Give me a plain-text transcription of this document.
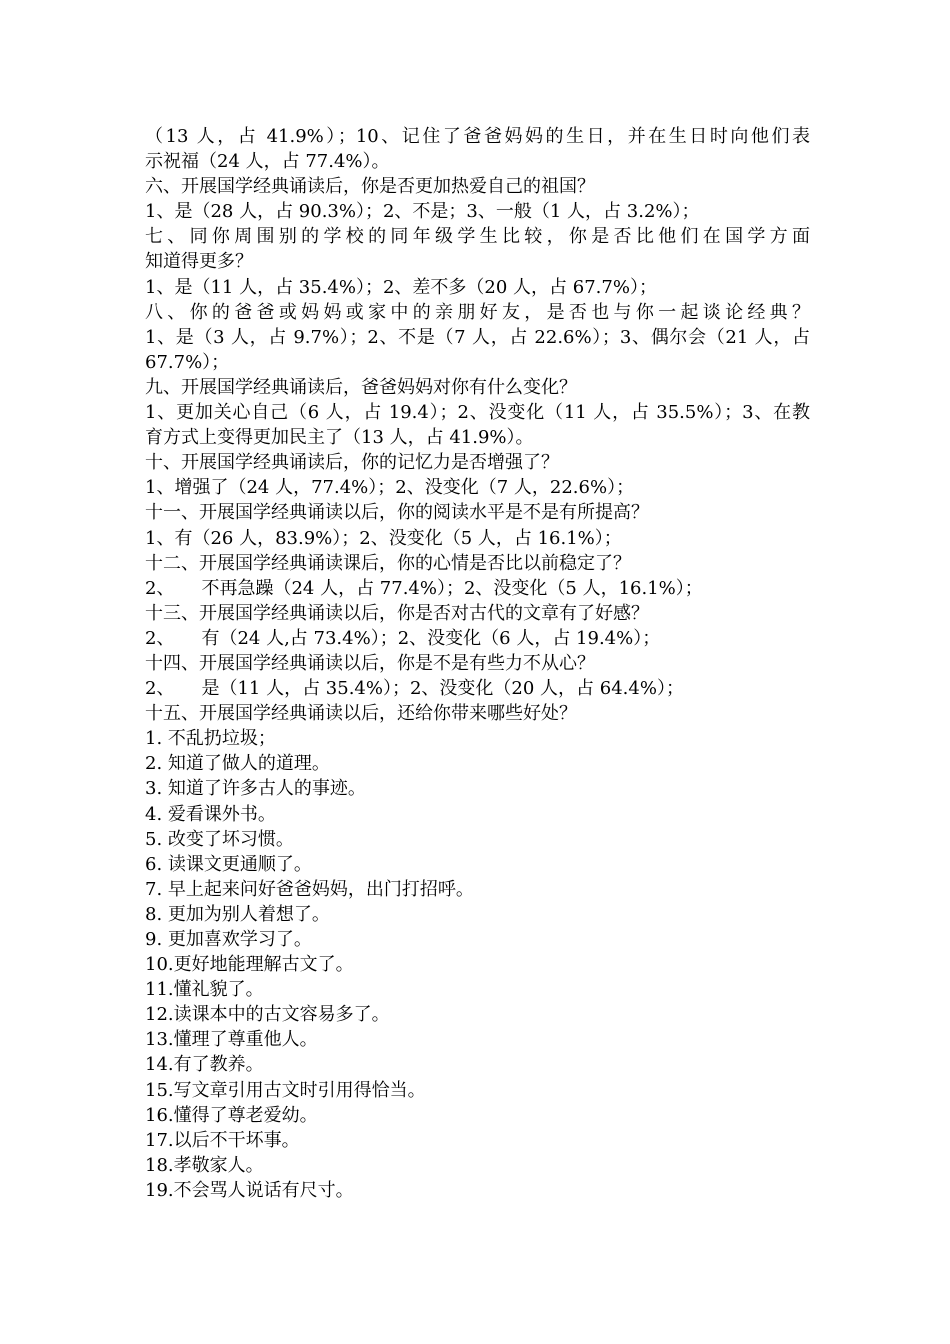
（13 人，占 41.9%）；10、记住了爸爸妈妈的生日，并在生日时向他们表
示祝福（24 人，占 77.4%）。
六、开展国学经典诵读后，你是否更加热爱自己的祖国？
1、是（28 人，占 90.3%）；2、不是；3、一般（1 人，占 3.2%）；
七、同你周围别的学校的同年级学生比较，你是否比他们在国学方面
知道得更多？
1、是（11 人，占 35.4%）；2、差不多（20 人，占 67.7%）；
八、你的爸爸或妈妈或家中的亲朋好友，是否也与你一起谈论经典？
1、是（3 人，占 9.7%）；2、不是（7 人，占 22.6%）；3、偶尔会（21 人，占
67.7%）；
九、开展国学经典诵读后，爸爸妈妈对你有什么变化？
1、更加关心自己（6 人，占 19.4）；2、没变化（11 人，占 35.5%）；3、在教
育方式上变得更加民主了（13 人，占 41.9%）。
十、开展国学经典诵读后，你的记忆力是否增强了？
1、增强了（24 人，77.4%）；2、没变化（7 人，22.6%）；
十一、开展国学经典诵读以后，你的阅读水平是不是有所提高？
1、有（26 人，83.9%）；2、没变化（5 人，占 16.1%）；
十二、开展国学经典诵读课后，你的心情是否比以前稳定了？
2、　　不再急躁（24 人，占 77.4%）；2、没变化（5 人，16.1%）；
十三、开展国学经典诵读以后，你是否对古代的文章有了好感？
2、　　有（24 人,占 73.4%）；2、没变化（6 人，占 19.4%）；
十四、开展国学经典诵读以后，你是不是有些力不从心？
2、　　是（11 人，占 35.4%）；2、没变化（20 人，占 64.4%）；
十五、开展国学经典诵读以后，还给你带来哪些好处？
1. 不乱扔垃圾；
2. 知道了做人的道理。
3. 知道了许多古人的事迹。
4. 爱看课外书。
5. 改变了坏习惯。
6. 读课文更通顺了。
7. 早上起来问好爸爸妈妈，出门打招呼。
8. 更加为别人着想了。
9. 更加喜欢学习了。
10.更好地能理解古文了。
11.懂礼貌了。
12.读课本中的古文容易多了。
13.懂理了尊重他人。
14.有了教养。
15.写文章引用古文时引用得恰当。
16.懂得了尊老爱幼。
17.以后不干坏事。
18.孝敬家人。
19.不会骂人说话有尺寸。
